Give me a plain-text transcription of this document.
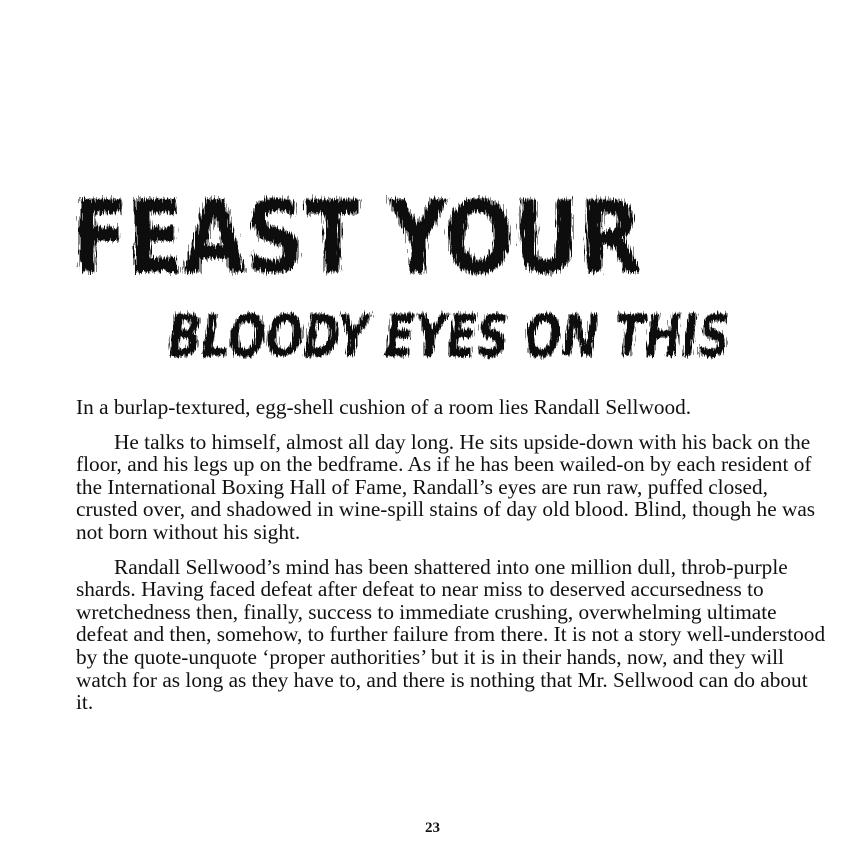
FEAST YOUR
BLOODY EYES ON THIS

In a burlap-textured, egg-shell cushion of a room lies Randall Sellwood.

He talks to himself, almost all day long. He sits upside-down with his back on the floor, and his legs up on the bedframe. As if he has been wailed-on by each resident of the International Boxing Hall of Fame, Randall’s eyes are run raw, puffed closed, crusted over, and shadowed in wine-spill stains of day old blood. Blind, though he was not born without his sight.

Randall Sellwood’s mind has been shattered into one million dull, throb-purple shards. Having faced defeat after defeat to near miss to deserved accursedness to wretchedness then, finally, success to immediate crushing, overwhelming ultimate defeat and then, somehow, to further failure from there. It is not a story well-understood by the quote-unquote ‘proper authorities’ but it is in their hands, now, and they will watch for as long as they have to, and there is nothing that Mr. Sellwood can do about it.

23
